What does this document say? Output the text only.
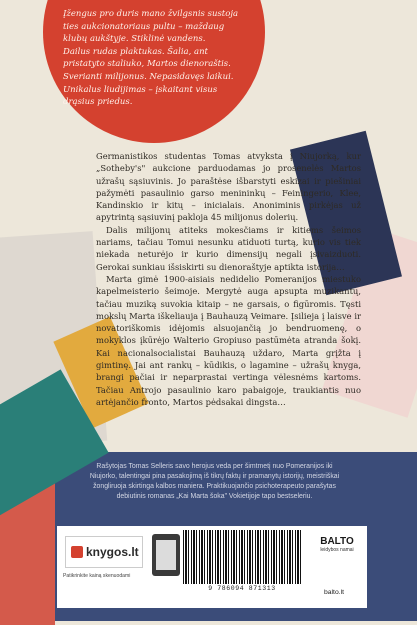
Įžengus pro duris mano žvilgsnis sustoja

ties aukcionatoriaus pultu – maždaug

klubų aukštyje. Stiklinė vandens.

Dailus rudas plaktukas. Šalia, ant

pristatyto staliuko, Martos dienoraštis.

Sverianti milijonus. Nepasidavęs laikui.

Unikalus liudijimas – įskaitant visus

drąsius priedus.

Germanistikos studentas Tomas atvyksta į Niujorką, kur „Sotheby's" aukcione parduodamas jo prosenelės Martos užrašų sąsiuvinis. Jo paraštėse išbarstyti eskizai ir piešiniai pažymėti pasaulinio garso menininkų – Feiningerio, Klee, Kandinskio ir kitų – inicialais. Anoniminis pirkėjas už apytrintą sąsiuvinį pakloja 45 milijonus dolerių.

Dalis milijonų atiteks mokesčiams ir kitiems šeimos nariams, tačiau Tomui nesunku atiduoti turtą, kurio vis tiek niekada neturėjo ir kurio dimensijų negali įsivaizduoti. Gerokai sunkiau išsiskirti su dienoraštyje aptikta istorija…

Marta gimė 1900-aisiais nedidelio Pomeranijos miestuko kapelmeisterio šeimoje. Mergytė auga apsupta muzikantų, tačiau muziką suvokia kitaip – ne garsais, o figūromis. Tęsti mokslų Marta iškeliauja į Bauhauzą Veimare. Įsilieja į laisve ir novatoriškomis idėjomis alsuojančią jo bendruomenę, o mokyklos įkūrėjo Walterio Gropiuso pastūmėta atranda šokį. Kai nacionalsocialistai Bauhauzą uždaro, Marta grįžta į gimtinę. Jai ant rankų – kūdikis, o lagamine – užrašų knyga, brangi pačiai ir neparprastai vertinga vėlesnėms kartoms. Tačiau Antrojo pasaulinio karo pabaigoje, traukiantis nuo artėjančio fronto, Martos pėdsakai dingsta…

Rašytojas Tomas Selleris savo herojus veda per šimtmetį nuo Pomeranijos iki Niujorko, talentingai pina pasakojimą iš tikrų faktų ir pramanytų istorijų, meistriškai žongliruoja skirtinga kalbos maniera. Praktikuojančio psichoterapeuto parašytas debiutinis romanas „Kai Marta šoka" Vokietijoje tapo bestseleriu.
knygos.lt
Patikrinkite kainą skenuodami
9 786094 871313
BALTO
leidybos namai
balto.lt
